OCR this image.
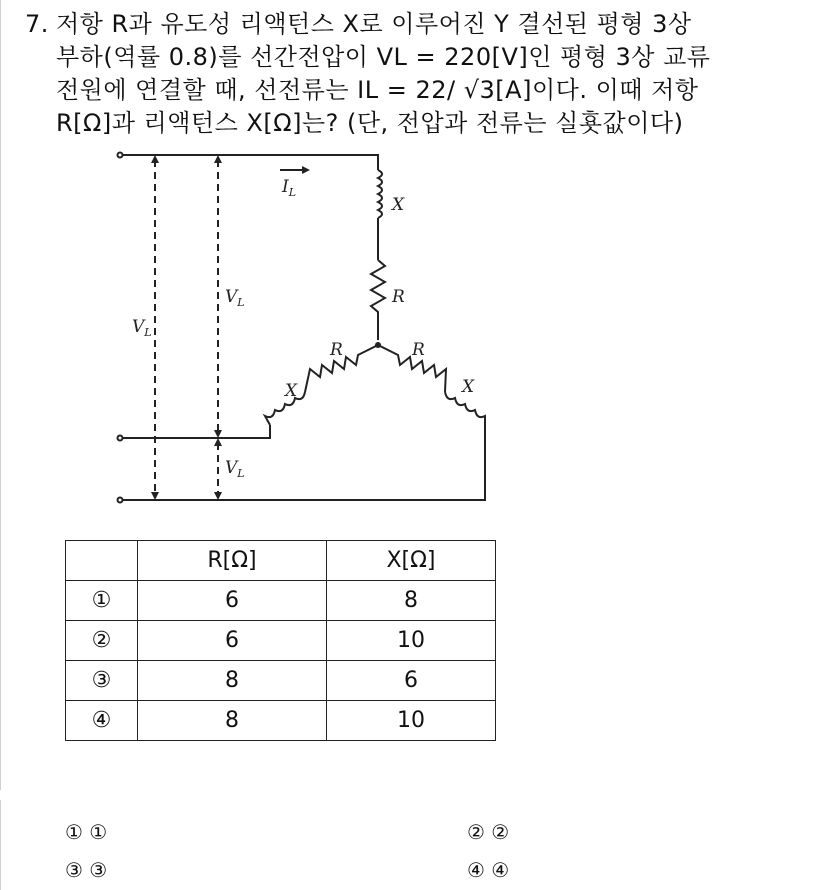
7. 저항 R과 유도성 리액턴스 X로 이루어진 Y 결선된 평형 3상
부하(역률 0.8)를 선간전압이 VL = 220[V]인 평형 3상 교류
전원에 연결할 때, 선전류는 IL = 22/ √3[A]이다. 이때 저항
R[Ω]과 리액턴스 X[Ω]는? (단, 전압과 전류는 실횻값이다)
$I_L$
X
R
R	R
X	X
$V_L$
$V_L$
$V_L$
	R[Ω]	X[Ω]
①	6	8
②	6	10
③	8	6
④	8	10
① ①	② ②
③ ③	④ ④
